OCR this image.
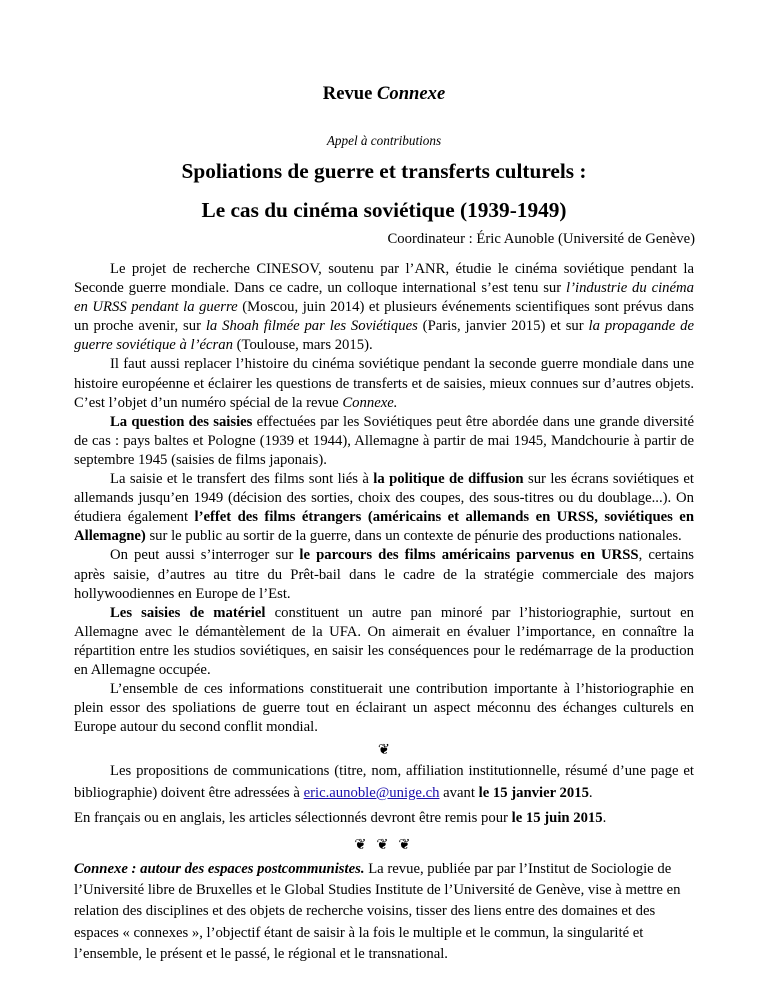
Revue Connexe
Appel à contributions
Spoliations de guerre et transferts culturels :
Le cas du cinéma soviétique (1939-1949)
Coordinateur : Éric Aunoble (Université de Genève)

Le projet de recherche CINESOV, soutenu par l’ANR, étudie le cinéma soviétique pendant la Seconde guerre mondiale. Dans ce cadre, un colloque international s’est tenu sur l’industrie du cinéma en URSS pendant la guerre (Moscou, juin 2014) et plusieurs événements scientifiques sont prévus dans un proche avenir, sur la Shoah filmée par les Soviétiques (Paris, janvier 2015) et sur la propagande de guerre soviétique à l’écran (Toulouse, mars 2015).

Il faut aussi replacer l’histoire du cinéma soviétique pendant la seconde guerre mondiale dans une histoire européenne et éclairer les questions de transferts et de saisies, mieux connues sur d’autres objets. C’est l’objet d’un numéro spécial de la revue Connexe.

La question des saisies effectuées par les Soviétiques peut être abordée dans une grande diversité de cas : pays baltes et Pologne (1939 et 1944), Allemagne à partir de mai 1945, Mandchourie à partir de septembre 1945 (saisies de films japonais).

La saisie et le transfert des films sont liés à la politique de diffusion sur les écrans soviétiques et allemands jusqu’en 1949 (décision des sorties, choix des coupes, des sous-titres ou du doublage...). On étudiera également l’effet des films étrangers (américains et allemands en URSS, soviétiques en Allemagne) sur le public au sortir de la guerre, dans un contexte de pénurie des productions nationales.

On peut aussi s’interroger sur le parcours des films américains parvenus en URSS, certains après saisie, d’autres au titre du Prêt-bail dans le cadre de la stratégie commerciale des majors hollywoodiennes en Europe de l’Est.

Les saisies de matériel constituent un autre pan minoré par l’historiographie, surtout en Allemagne avec le démantèlement de la UFA. On aimerait en évaluer l’importance, en connaître la répartition entre les studios soviétiques, en saisir les conséquences pour le redémarrage de la production en Allemagne occupée.

L’ensemble de ces informations constituerait une contribution importante à l’historiographie en plein essor des spoliations de guerre tout en éclairant un aspect méconnu des échanges culturels en Europe autour du second conflit mondial.

❦

Les propositions de communications (titre, nom, affiliation institutionnelle, résumé d’une page et bibliographie) doivent être adressées à eric.aunoble@unige.ch avant le 15 janvier 2015.

En français ou en anglais, les articles sélectionnés devront être remis pour le 15 juin 2015.

❦ ❦ ❦

Connexe : autour des espaces postcommunistes. La revue, publiée par par l’Institut de Sociologie de l’Université libre de Bruxelles et le Global Studies Institute de l’Université de Genève, vise à mettre en relation des disciplines et des objets de recherche voisins, tisser des liens entre des domaines et des espaces « connexes », l’objectif étant de saisir à la fois le multiple et le commun, la singularité et l’ensemble, le présent et le passé, le régional et le transnational.
